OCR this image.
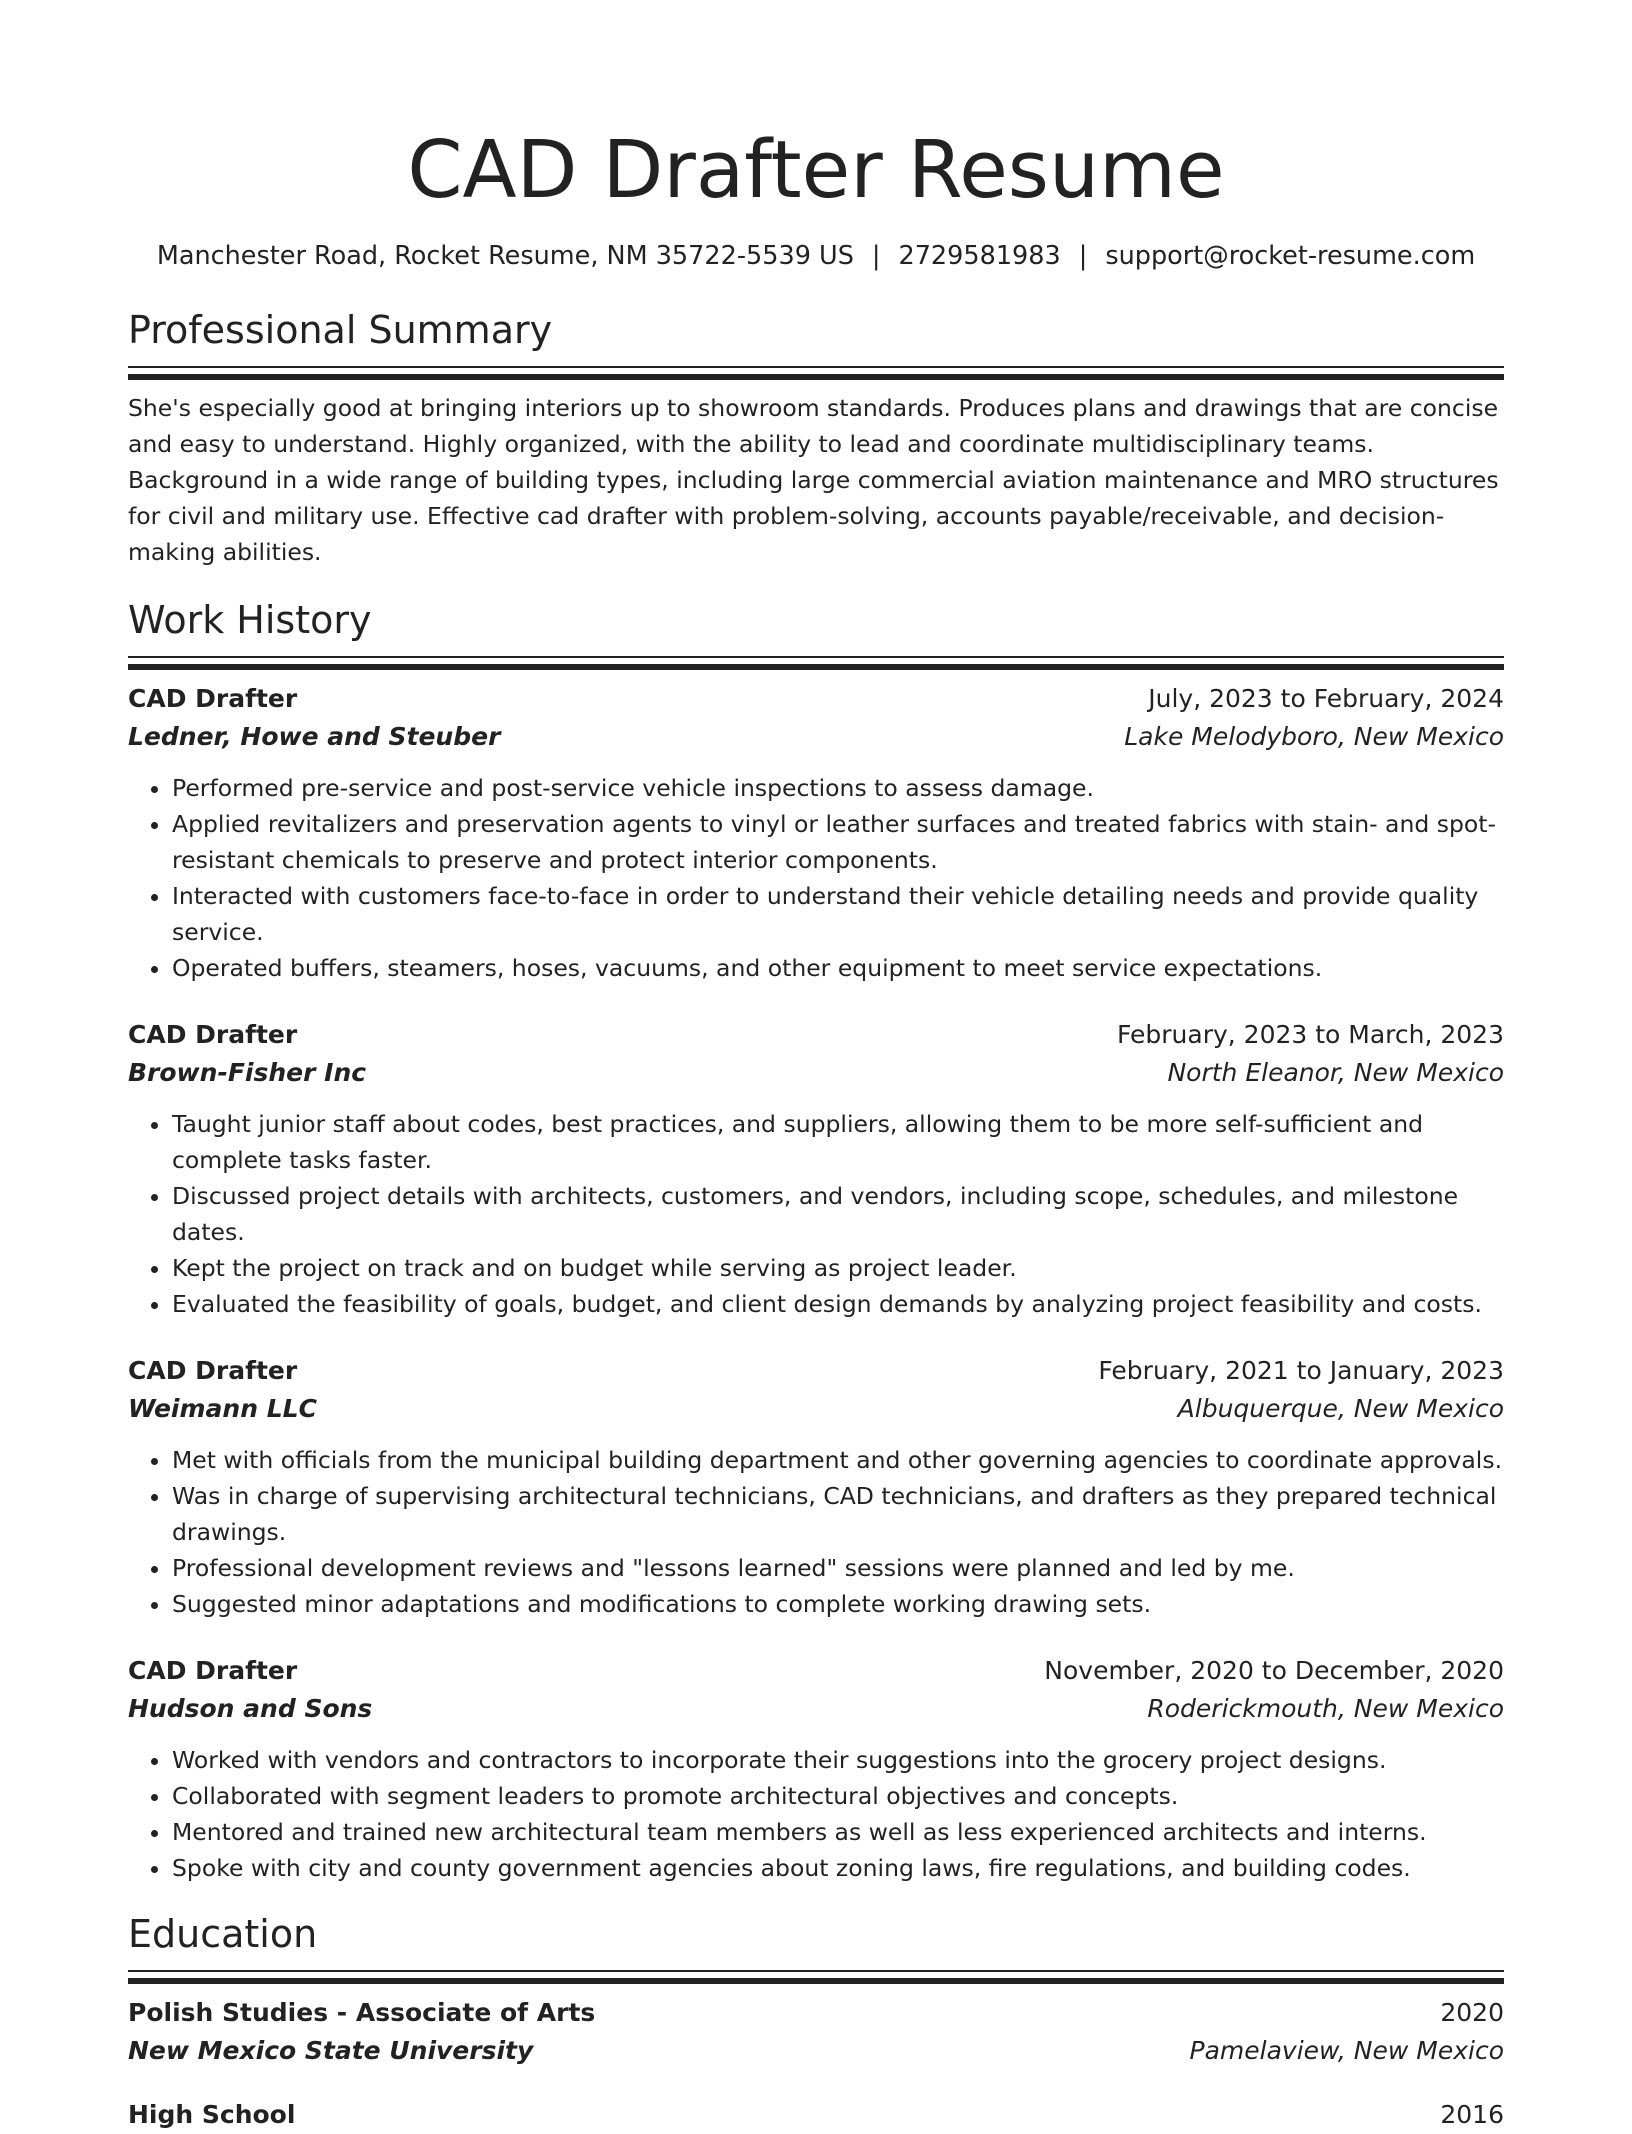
CAD Drafter Resume
Manchester Road, Rocket Resume, NM 35722-5539 US | 2729581983 | support@rocket-resume.com
Professional Summary

She's especially good at bringing interiors up to showroom standards. Produces plans and drawings that are concise and easy to understand. Highly organized, with the ability to lead and coordinate multidisciplinary teams. Background in a wide range of building types, including large commercial aviation maintenance and MRO structures for civil and military use. Effective cad drafter with problem-solving, accounts payable/receivable, and decision-making abilities.

Work History
CAD Drafter	July, 2023 to February, 2024
Ledner, Howe and Steuber	Lake Melodyboro, New Mexico
• Performed pre-service and post-service vehicle inspections to assess damage.
• Applied revitalizers and preservation agents to vinyl or leather surfaces and treated fabrics with stain- and spot-resistant chemicals to preserve and protect interior components.
• Interacted with customers face-to-face in order to understand their vehicle detailing needs and provide quality service.
• Operated buffers, steamers, hoses, vacuums, and other equipment to meet service expectations.
CAD Drafter	February, 2023 to March, 2023
Brown-Fisher Inc	North Eleanor, New Mexico
• Taught junior staff about codes, best practices, and suppliers, allowing them to be more self-sufficient and complete tasks faster.
• Discussed project details with architects, customers, and vendors, including scope, schedules, and milestone dates.
• Kept the project on track and on budget while serving as project leader.
• Evaluated the feasibility of goals, budget, and client design demands by analyzing project feasibility and costs.
CAD Drafter	February, 2021 to January, 2023
Weimann LLC	Albuquerque, New Mexico
• Met with officials from the municipal building department and other governing agencies to coordinate approvals.
• Was in charge of supervising architectural technicians, CAD technicians, and drafters as they prepared technical drawings.
• Professional development reviews and "lessons learned" sessions were planned and led by me.
• Suggested minor adaptations and modifications to complete working drawing sets.
CAD Drafter	November, 2020 to December, 2020
Hudson and Sons	Roderickmouth, New Mexico
• Worked with vendors and contractors to incorporate their suggestions into the grocery project designs.
• Collaborated with segment leaders to promote architectural objectives and concepts.
• Mentored and trained new architectural team members as well as less experienced architects and interns.
• Spoke with city and county government agencies about zoning laws, fire regulations, and building codes.
Education
Polish Studies - Associate of Arts	2020
New Mexico State University	Pamelaview, New Mexico
High School	2016
